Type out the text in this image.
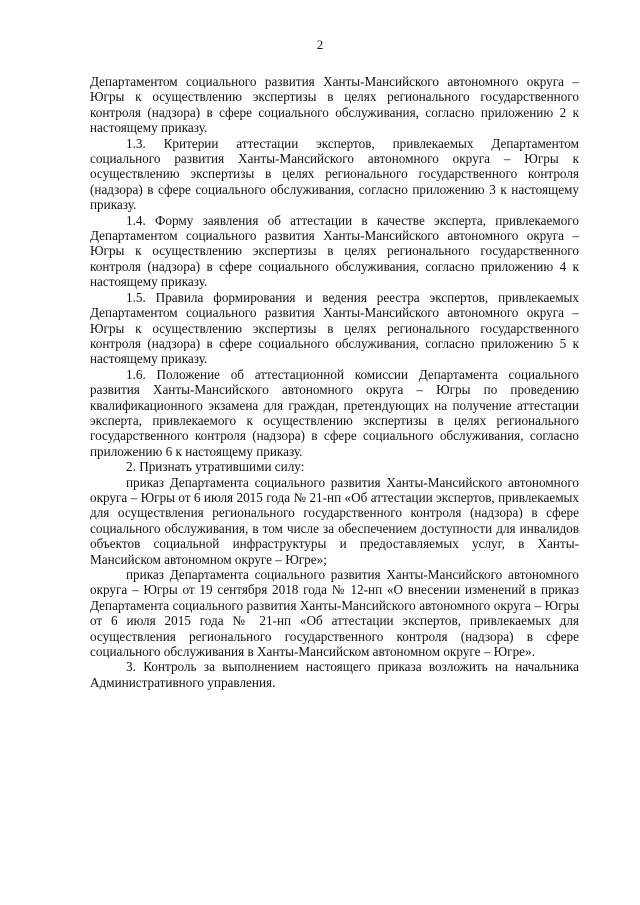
2

Департаментом социального развития Ханты-Мансийского автономного округа – Югры к осуществлению экспертизы в целях регионального государственного контроля (надзора) в сфере социального обслуживания, согласно приложению 2 к настоящему приказу.

1.3. Критерии аттестации экспертов, привлекаемых Департаментом социального развития Ханты-Мансийского автономного округа – Югры к осуществлению экспертизы в целях регионального государственного контроля (надзора) в сфере социального обслуживания, согласно приложению 3 к настоящему приказу.

1.4. Форму заявления об аттестации в качестве эксперта, привлекаемого Департаментом социального развития Ханты-Мансийского автономного округа – Югры к осуществлению экспертизы в целях регионального государственного контроля (надзора) в сфере социального обслуживания, согласно приложению 4 к настоящему приказу.

1.5. Правила формирования и ведения реестра экспертов, привлекаемых Департаментом социального развития Ханты-Мансийского автономного округа – Югры к осуществлению экспертизы в целях регионального государственного контроля (надзора) в сфере социального обслуживания, согласно приложению 5 к настоящему приказу.

1.6. Положение об аттестационной комиссии Департамента социального развития Ханты-Мансийского автономного округа – Югры по проведению квалификационного экзамена для граждан, претендующих на получение аттестации эксперта, привлекаемого к осуществлению экспертизы в целях регионального государственного контроля (надзора) в сфере социального обслуживания, согласно приложению 6 к настоящему приказу.

2. Признать утратившими силу:

приказ Департамента социального развития Ханты-Мансийского автономного округа – Югры от 6 июля 2015 года № 21-нп «Об аттестации экспертов, привлекаемых для осуществления регионального государственного контроля (надзора) в сфере социального обслуживания, в том числе за обеспечением доступности для инвалидов объектов социальной инфраструктуры и предоставляемых услуг, в Ханты-Мансийском автономном округе – Югре»;

приказ Департамента социального развития Ханты-Мансийского автономного округа – Югры от 19 сентября 2018 года № 12-нп «О внесении изменений в приказ Департамента социального развития Ханты-Мансийского автономного округа – Югры от 6 июля 2015 года № 21-нп «Об аттестации экспертов, привлекаемых для осуществления регионального государственного контроля (надзора) в сфере социального обслуживания в Ханты-Мансийском автономном округе – Югре».

3. Контроль за выполнением настоящего приказа возложить на начальника Административного управления.
